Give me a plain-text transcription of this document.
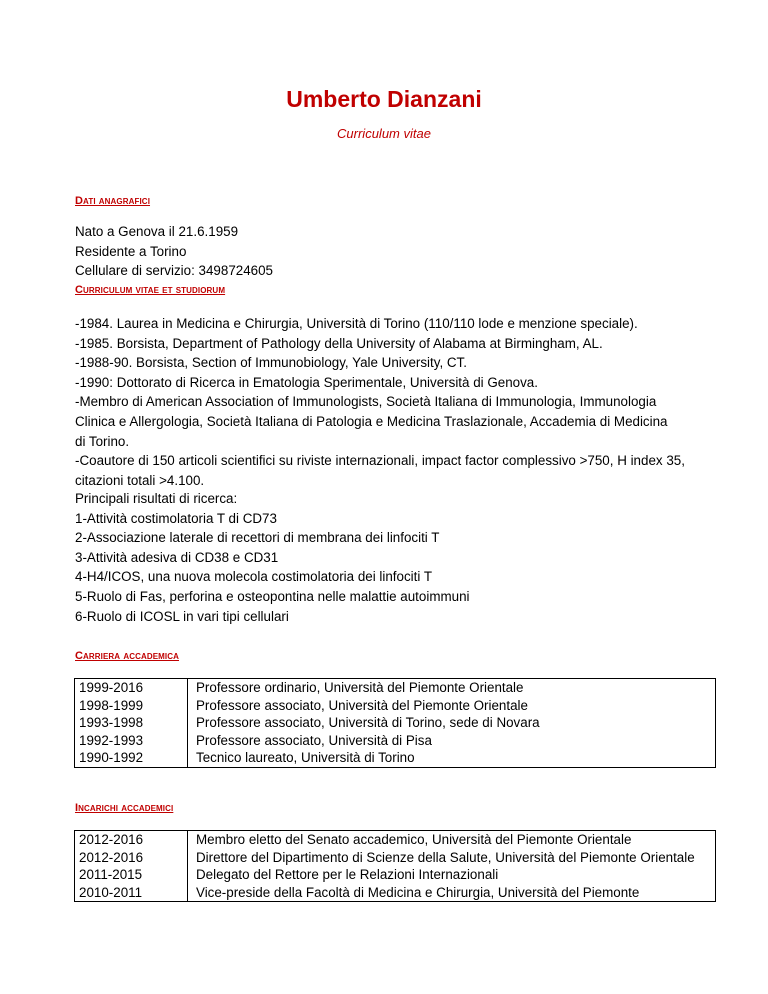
Umberto Dianzani
Curriculum vitae
Dati anagrafici
Nato a Genova il 21.6.1959
Residente a Torino
Cellulare di servizio: 3498724605
Curriculum vitae et studiorum
-1984. Laurea in Medicina e Chirurgia, Università di Torino (110/110 lode e menzione speciale).
-1985. Borsista, Department of Pathology della University of Alabama at Birmingham, AL.
-1988-90. Borsista, Section of Immunobiology, Yale University, CT.
-1990: Dottorato di Ricerca in Ematologia Sperimentale, Università di Genova.
-Membro di American Association of Immunologists, Società Italiana di Immunologia, Immunologia Clinica e Allergologia, Società Italiana di Patologia e Medicina Traslazionale, Accademia di Medicina di Torino.
-Coautore di 150 articoli scientifici su riviste internazionali, impact factor complessivo >750, H index 35, citazioni totali >4.100.
Principali risultati di ricerca:
1-Attività costimolatoria T di CD73
2-Associazione laterale di recettori di membrana dei linfociti T
3-Attività adesiva di CD38 e CD31
4-H4/ICOS, una nuova molecola costimolatoria dei linfociti T
5-Ruolo di Fas, perforina e osteopontina nelle malattie autoimmuni
6-Ruolo di ICOSL in vari tipi cellulari
Carriera accademica
1999-2016	Professore ordinario, Università del Piemonte Orientale
1998-1999	Professore associato, Università del Piemonte Orientale
1993-1998	Professore associato, Università di Torino, sede di Novara
1992-1993	Professore associato, Università di Pisa
1990-1992	Tecnico laureato, Università di Torino
Incarichi accademici
2012-2016	Membro eletto del Senato accademico, Università del Piemonte Orientale
2012-2016	Direttore del Dipartimento di Scienze della Salute, Università del Piemonte Orientale
2011-2015	Delegato del Rettore per le Relazioni Internazionali
2010-2011	Vice-preside della Facoltà di Medicina e Chirurgia, Università del Piemonte
